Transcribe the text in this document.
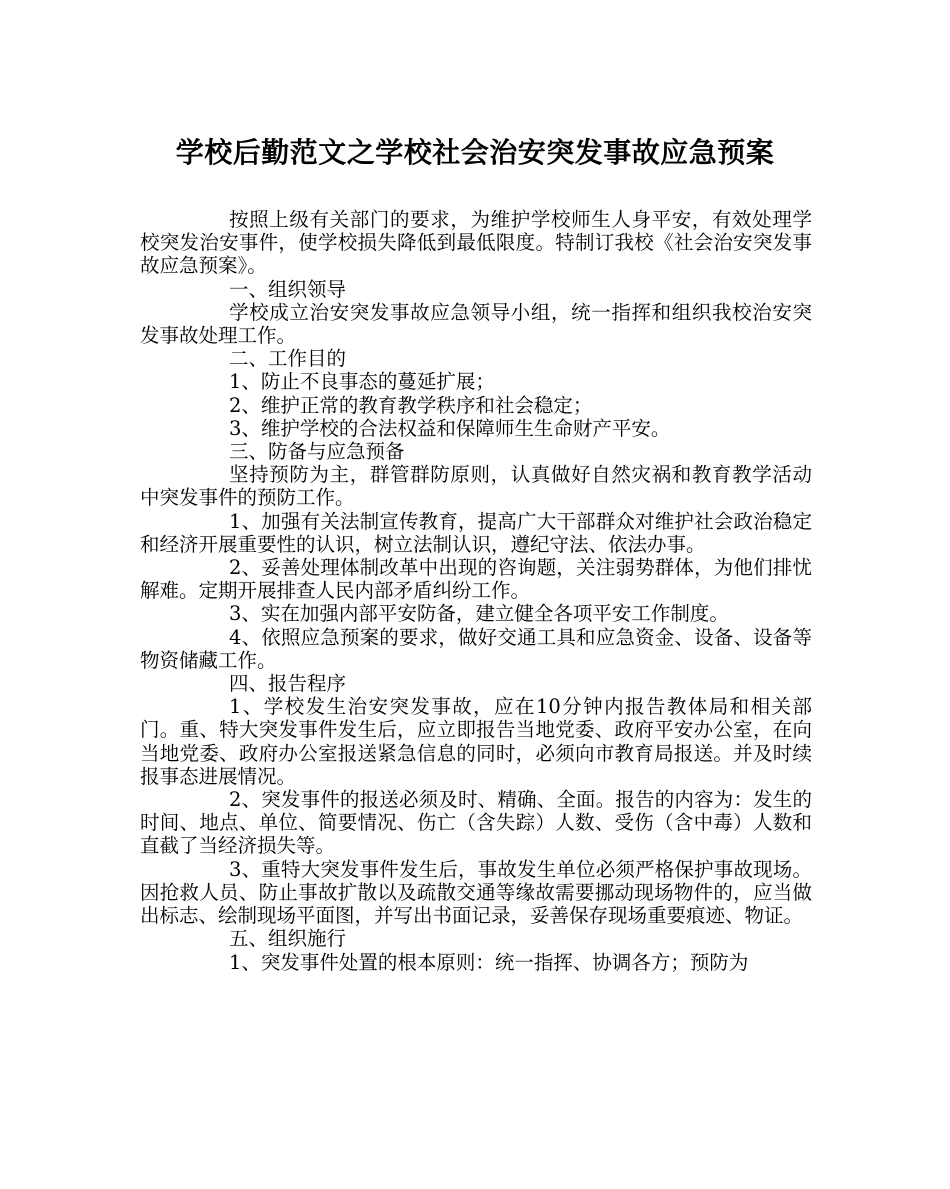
学校后勤范文之学校社会治安突发事故应急预案

按照上级有关部门的要求，为维护学校师生人身平安，有效处理学校突发治安事件，使学校损失降低到最低限度。特制订我校《社会治安突发事故应急预案》。

一、组织领导

学校成立治安突发事故应急领导小组，统一指挥和组织我校治安突发事故处理工作。

二、工作目的

1、防止不良事态的蔓延扩展；

2、维护正常的教育教学秩序和社会稳定；

3、维护学校的合法权益和保障师生生命财产平安。

三、防备与应急预备

坚持预防为主，群管群防原则，认真做好自然灾祸和教育教学活动中突发事件的预防工作。

1、加强有关法制宣传教育，提高广大干部群众对维护社会政治稳定和经济开展重要性的认识，树立法制认识，遵纪守法、依法办事。

2、妥善处理体制改革中出现的咨询题，关注弱势群体，为他们排忧解难。定期开展排查人民内部矛盾纠纷工作。

3、实在加强内部平安防备，建立健全各项平安工作制度。

4、依照应急预案的要求，做好交通工具和应急资金、设备、设备等物资储藏工作。

四、报告程序

1、学校发生治安突发事故，应在10分钟内报告教体局和相关部门。重、特大突发事件发生后，应立即报告当地党委、政府平安办公室，在向当地党委、政府办公室报送紧急信息的同时，必须向市教育局报送。并及时续报事态进展情况。

2、突发事件的报送必须及时、精确、全面。报告的内容为：发生的时间、地点、单位、简要情况、伤亡（含失踪）人数、受伤（含中毒）人数和直截了当经济损失等。

3、重特大突发事件发生后，事故发生单位必须严格保护事故现场。因抢救人员、防止事故扩散以及疏散交通等缘故需要挪动现场物件的，应当做出标志、绘制现场平面图，并写出书面记录，妥善保存现场重要痕迹、物证。

五、组织施行

1、突发事件处置的根本原则：统一指挥、协调各方；预防为
